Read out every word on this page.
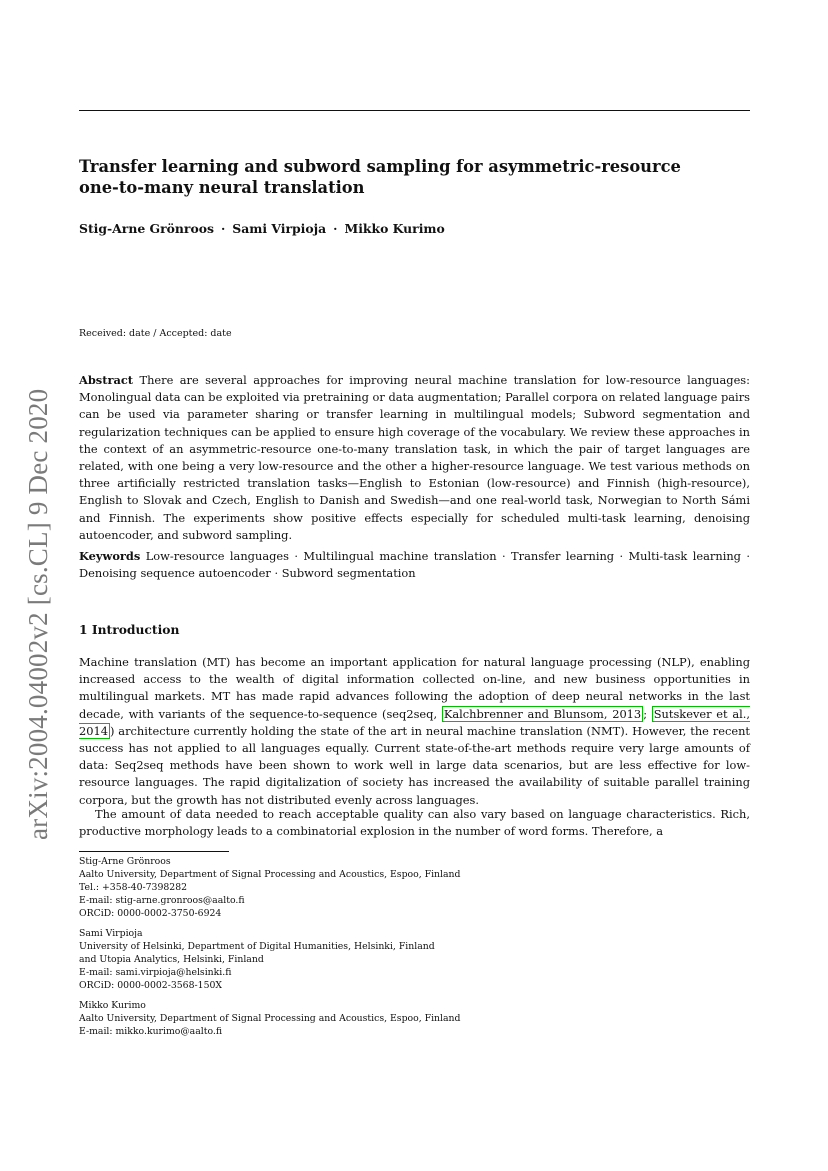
arXiv:2004.04002v2 [cs.CL] 9 Dec 2020
Transfer learning and subword sampling for asymmetric-resource
one-to-many neural translation
Stig-Arne Grönroos · Sami Virpioja · Mikko Kurimo
Received: date / Accepted: date
Abstract There are several approaches for improving neural machine translation for low-resource languages: Monolingual data can be exploited via pretraining or data augmentation; Parallel corpora on related language pairs can be used via parameter sharing or transfer learning in multilingual models; Subword segmentation and regularization techniques can be applied to ensure high coverage of the vocabulary. We review these approaches in the context of an asymmetric-resource one-to-many translation task, in which the pair of target languages are related, with one being a very low-resource and the other a higher-resource language. We test various methods on three artificially restricted translation tasks—English to Estonian (low-resource) and Finnish (high-resource), English to Slovak and Czech, English to Danish and Swedish—and one real-world task, Norwegian to North Sámi and Finnish. The experiments show positive effects especially for scheduled multi-task learning, denoising autoencoder, and subword sampling.
Keywords Low-resource languages · Multilingual machine translation · Transfer learning · Multi-task learning · Denoising sequence autoencoder · Subword segmentation
1 Introduction
Machine translation (MT) has become an important application for natural language processing (NLP), enabling increased access to the wealth of digital information collected on-line, and new business opportunities in multilingual markets. MT has made rapid advances following the adoption of deep neural networks in the last decade, with variants of the sequence-to-sequence (seq2seq, Kalchbrenner and Blunsom, 2013 ; Sutskever et al., 2014 ) architecture currently holding the state of the art in neural machine translation (NMT). However, the recent success has not applied to all languages equally. Current state-of-the-art methods require very large amounts of data: Seq2seq methods have been shown to work well in large data scenarios, but are less effective for low-resource languages. The rapid digitalization of society has increased the availability of suitable parallel training corpora, but the growth has not distributed evenly across languages.
The amount of data needed to reach acceptable quality can also vary based on language characteristics. Rich, productive morphology leads to a combinatorial explosion in the number of word forms. Therefore, a
Stig-Arne Grönroos
Aalto University, Department of Signal Processing and Acoustics, Espoo, Finland
Tel.: +358-40-7398282
E-mail: stig-arne.gronroos@aalto.fi
ORCiD: 0000-0002-3750-6924
Sami Virpioja
University of Helsinki, Department of Digital Humanities, Helsinki, Finland
and Utopia Analytics, Helsinki, Finland
E-mail: sami.virpioja@helsinki.fi
ORCiD: 0000-0002-3568-150X
Mikko Kurimo
Aalto University, Department of Signal Processing and Acoustics, Espoo, Finland
E-mail: mikko.kurimo@aalto.fi
